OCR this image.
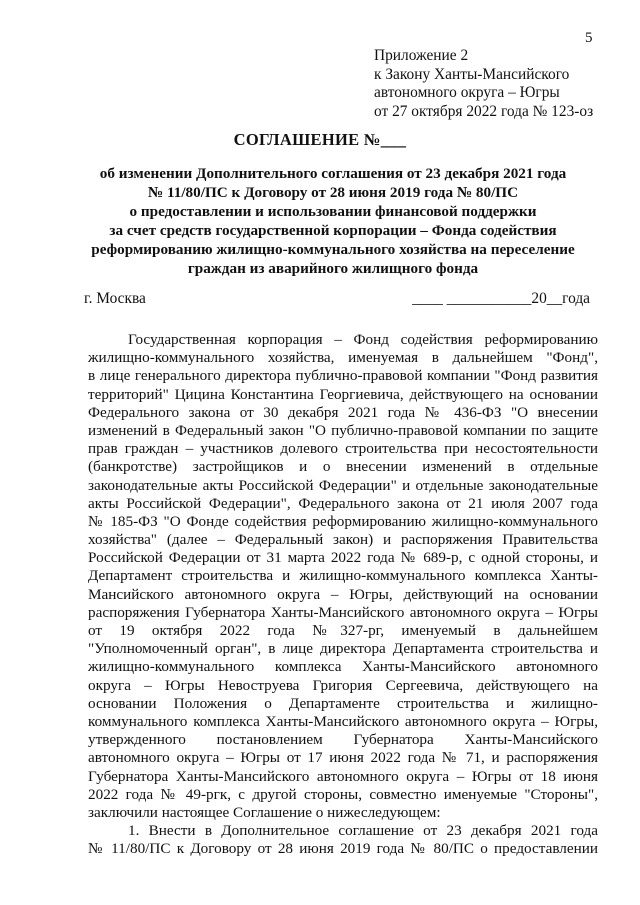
5
Приложение 2
к Закону Ханты-Мансийского
автономного округа – Югры
от 27 октября 2022 года № 123-оз
СОГЛАШЕНИЕ №___
об изменении Дополнительного соглашения от 23 декабря 2021 года
№ 11/80/ПС к Договору от 28 июня 2019 года № 80/ПС
о предоставлении и использовании финансовой поддержки
за счет средств государственной корпорации – Фонда содействия
реформированию жилищно-коммунального хозяйства на переселение
граждан из аварийного жилищного фонда
г. Москва	____ ___________20__года
Государственная корпорация – Фонд содействия реформированию
жилищно-коммунального хозяйства, именуемая в дальнейшем "Фонд",
в лице генерального директора публично-правовой компании "Фонд развития
территорий" Цицина Константина Георгиевича, действующего на основании
Федерального закона от 30 декабря 2021 года № 436-ФЗ "О внесении
изменений в Федеральный закон "О публично-правовой компании по защите
прав граждан – участников долевого строительства при несостоятельности
(банкротстве) застройщиков и о внесении изменений в отдельные
законодательные акты Российской Федерации" и отдельные законодательные
акты Российской Федерации", Федерального закона от 21 июля 2007 года
№ 185-ФЗ "О Фонде содействия реформированию жилищно-коммунального
хозяйства" (далее – Федеральный закон) и распоряжения Правительства
Российской Федерации от 31 марта 2022 года № 689-р, с одной стороны, и
Департамент строительства и жилищно-коммунального комплекса Ханты-
Мансийского автономного округа – Югры, действующий на основании
распоряжения Губернатора Ханты-Мансийского автономного округа – Югры
от 19 октября 2022 года №327-рг, именуемый в дальнейшем
"Уполномоченный орган", в лице директора Департамента строительства и
жилищно-коммунального комплекса Ханты-Мансийского автономного
округа – Югры Невоструева Григория Сергеевича, действующего на
основании Положения о Департаменте строительства и жилищно-
коммунального комплекса Ханты-Мансийского автономного округа – Югры,
утвержденного постановлением Губернатора Ханты-Мансийского
автономного округа – Югры от 17 июня 2022 года № 71, и распоряжения
Губернатора Ханты-Мансийского автономного округа – Югры от 18 июня
2022 года № 49-ргк, с другой стороны, совместно именуемые "Стороны",
заключили настоящее Соглашение о нижеследующем:
1. Внести в Дополнительное соглашение от 23 декабря 2021 года
№ 11/80/ПС к Договору от 28 июня 2019 года № 80/ПС о предоставлении
